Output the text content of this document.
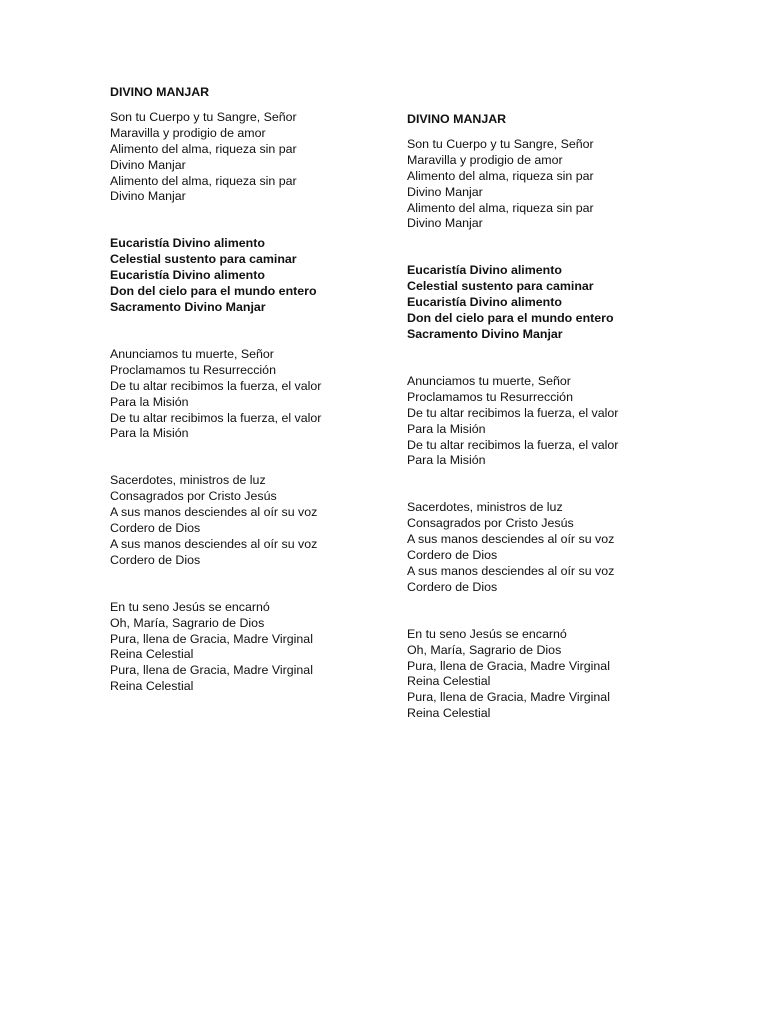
DIVINO MANJAR
Son tu Cuerpo y tu Sangre, Señor
Maravilla y prodigio de amor
Alimento del alma, riqueza sin par
Divino Manjar
Alimento del alma, riqueza sin par
Divino Manjar
Eucaristía Divino alimento
Celestial sustento para caminar
Eucaristía Divino alimento
Don del cielo para el mundo entero
Sacramento Divino Manjar
Anunciamos tu muerte, Señor
Proclamamos tu Resurrección
De tu altar recibimos la fuerza, el valor
Para la Misión
De tu altar recibimos la fuerza, el valor
Para la Misión
Sacerdotes, ministros de luz
Consagrados por Cristo Jesús
A sus manos desciendes al oír su voz
Cordero de Dios
A sus manos desciendes al oír su voz
Cordero de Dios
En tu seno Jesús se encarnó
Oh, María, Sagrario de Dios
Pura, llena de Gracia, Madre Virginal
Reina Celestial
Pura, llena de Gracia, Madre Virginal
Reina Celestial
DIVINO MANJAR
Son tu Cuerpo y tu Sangre, Señor
Maravilla y prodigio de amor
Alimento del alma, riqueza sin par
Divino Manjar
Alimento del alma, riqueza sin par
Divino Manjar
Eucaristía Divino alimento
Celestial sustento para caminar
Eucaristía Divino alimento
Don del cielo para el mundo entero
Sacramento Divino Manjar
Anunciamos tu muerte, Señor
Proclamamos tu Resurrección
De tu altar recibimos la fuerza, el valor
Para la Misión
De tu altar recibimos la fuerza, el valor
Para la Misión
Sacerdotes, ministros de luz
Consagrados por Cristo Jesús
A sus manos desciendes al oír su voz
Cordero de Dios
A sus manos desciendes al oír su voz
Cordero de Dios
En tu seno Jesús se encarnó
Oh, María, Sagrario de Dios
Pura, llena de Gracia, Madre Virginal
Reina Celestial
Pura, llena de Gracia, Madre Virginal
Reina Celestial
